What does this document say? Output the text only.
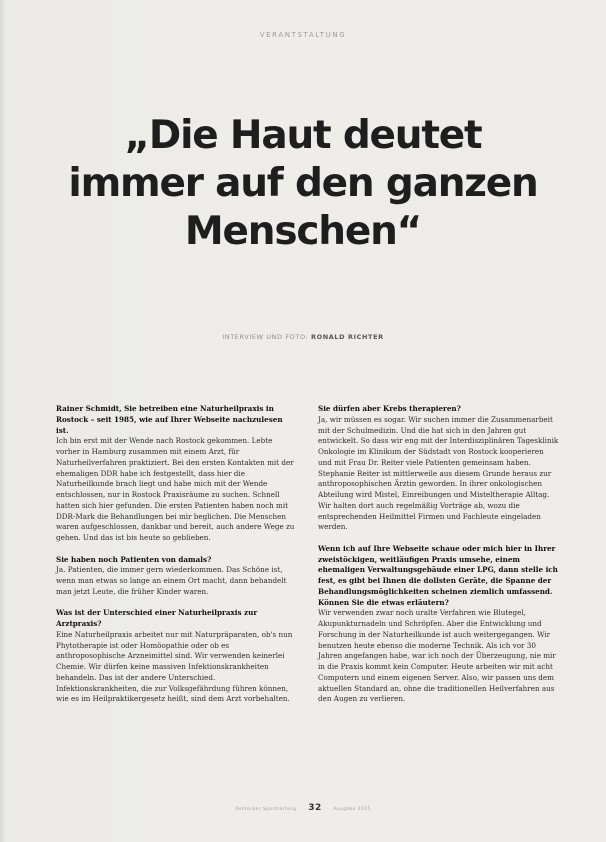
VERANTSTALTUNG
„Die Haut deutet
immer auf den ganzen
Menschen“
INTERVIEW UND FOTO: RONALD RICHTER

Rainer Schmidt, Sie betreiben eine Naturheilpraxis in Rostock – seit 1985, wie auf Ihrer Webseite nachzulesen ist.

Ich bin erst mit der Wende nach Rostock gekommen. Lebte vorher in Hamburg zusammen mit einem Arzt, für Naturheilverfahren praktiziert. Bei den ersten Kontakten mit der ehemaligen DDR habe ich festgestellt, dass hier die Naturheilkunde brach liegt und habe mich mit der Wende entschlossen, nur in Rostock Praxisräume zu suchen. Schnell hatten sich hier gefunden. Die ersten Patienten haben noch mit DDR-Mark die Behandlungen bei mir beglichen. Die Menschen waren aufgeschlossen, dankbar und bereit, auch andere Wege zu gehen. Und das ist bis heute so geblieben.

Sie haben noch Patienten von damals?

Ja. Patienten, die immer gern wiederkommen. Das Schöne ist, wenn man etwas so lange an einem Ort macht, dann behandelt man jetzt Leute, die früher Kinder waren.

Was ist der Unterschied einer Naturheilpraxis zur Arztpraxis?

Eine Naturheilpraxis arbeitet nur mit Naturpräparaten, ob's nun Phytotherapie ist oder Homöopathie oder ob es anthroposophische Arzneimittel sind. Wir verwenden keinerlei Chemie. Wir dürfen keine massiven Infektionskrankheiten behandeln. Das ist der andere Unterschied. Infektionskrankheiten, die zur Volksgefährdung führen können, wie es im Heilpraktikergesetz heißt, sind dem Arzt vorbehalten.

Sie dürfen aber Krebs therapieren?

Ja, wir müssen es sogar. Wir suchen immer die Zusammenarbeit mit der Schulmedizin. Und die hat sich in den Jahren gut entwickelt. So dass wir eng mit der Interdisziplinären Tagesklinik Onkologie im Klinikum der Südstadt von Rostock kooperieren und mit Frau Dr. Reiter viele Patienten gemeinsam haben. Stephanie Reiter ist mittlerweile aus diesem Grunde heraus zur anthroposophischen Ärztin geworden. In ihrer onkologischen Abteilung wird Mistel, Einreibungen und Misteltherapie Alltag. Wir halten dort auch regelmäßig Vorträge ab, wozu die entsprechenden Heilmittel Firmen und Fachleute eingeladen werden.

Wenn ich auf Ihre Webseite schaue oder mich hier in Ihrer zweistöckigen, weitläufigen Praxis umsehe, einem ehemaligen Verwaltungsgebäude einer LPG, dann stelle ich fest, es gibt bei Ihnen die dollsten Geräte, die Spanne der Behandlungsmöglichkeiten scheinen ziemlich umfassend. Können Sie die etwas erläutern?

Wir verwenden zwar noch uralte Verfahren wie Blutegel, Akupunkturnadeln und Schröpfen. Aber die Entwicklung und Forschung in der Naturheilkunde ist auch weitergegangen. Wir benutzen heute ebenso die moderne Technik. Als ich vor 30 Jahren angefangen habe, war ich noch der Überzeugung, nie mir in die Praxis kommt kein Computer. Heute arbeiten wir mit acht Computern und einem eigenen Server. Also, wir passen uns dem aktuellen Standard an, ohne die traditionellen Heilverfahren aus den Augen zu verlieren.

Rostocker Sportzeitung 32	Ausgabe 2015
